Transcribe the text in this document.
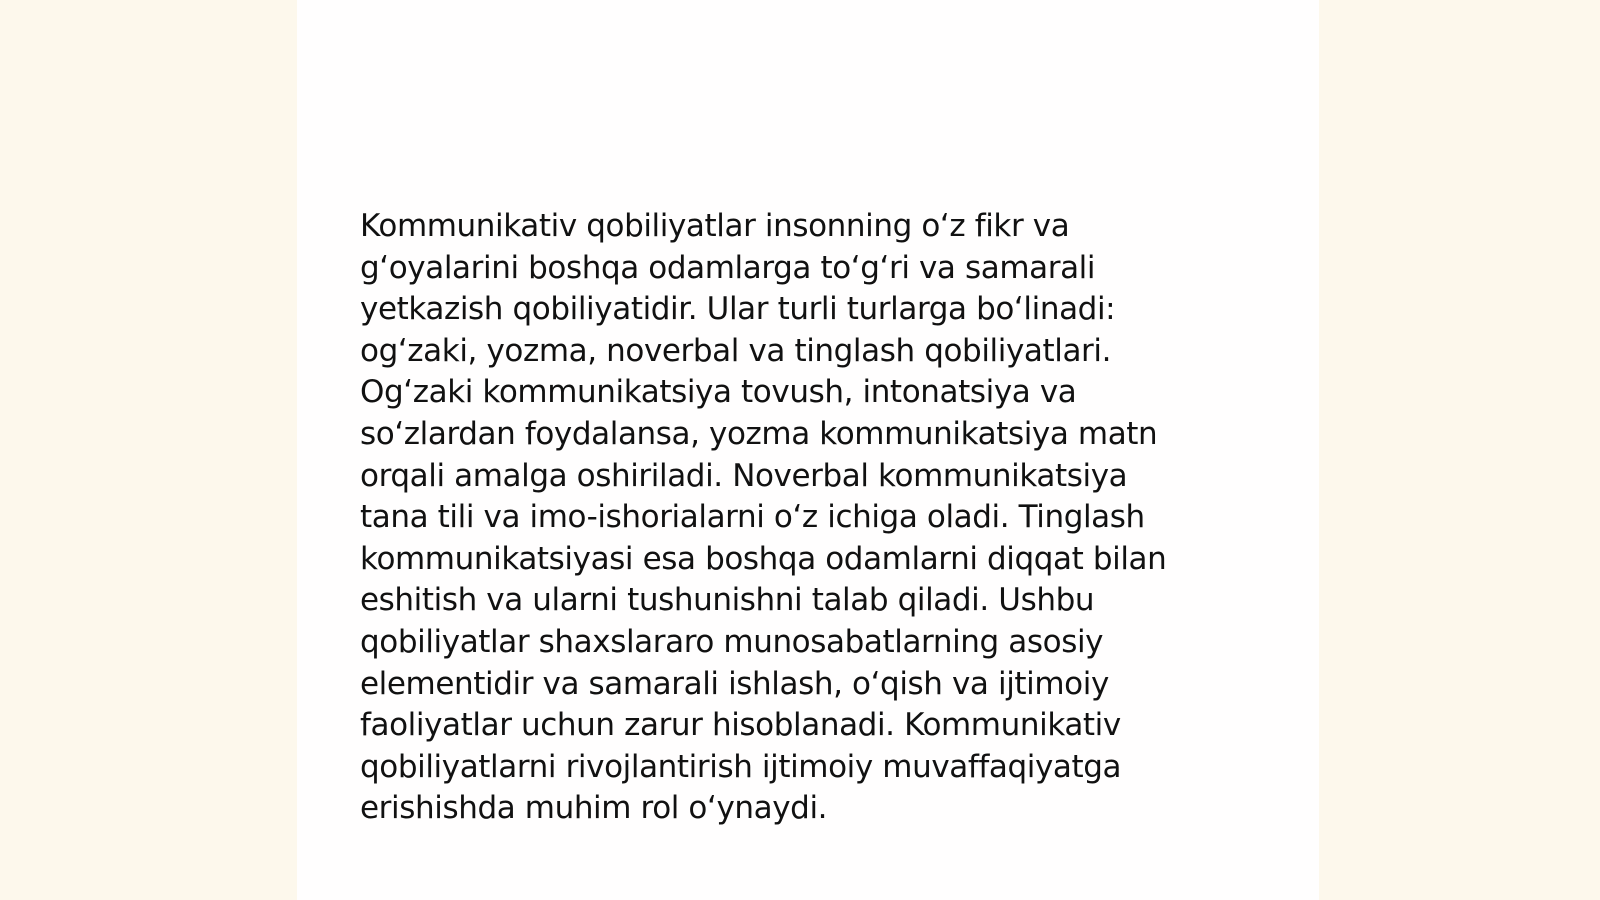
Kommunikativ qobiliyatlar insonning oʻz fikr va
gʻoyalarini boshqa odamlarga toʻgʻri va samarali
yetkazish qobiliyatidir. Ular turli turlarga boʻlinadi:
ogʻzaki, yozma, noverbal va tinglash qobiliyatlari.
Ogʻzaki kommunikatsiya tovush, intonatsiya va
soʻzlardan foydalansa, yozma kommunikatsiya matn
orqali amalga oshiriladi. Noverbal kommunikatsiya
tana tili va imo-ishorialarni oʻz ichiga oladi. Tinglash
kommunikatsiyasi esa boshqa odamlarni diqqat bilan
eshitish va ularni tushunishni talab qiladi. Ushbu
qobiliyatlar shaxslararo munosabatlarning asosiy
elementidir va samarali ishlash, oʻqish va ijtimoiy
faoliyatlar uchun zarur hisoblanadi. Kommunikativ
qobiliyatlarni rivojlantirish ijtimoiy muvaffaqiyatga
erishishda muhim rol oʻynaydi.
